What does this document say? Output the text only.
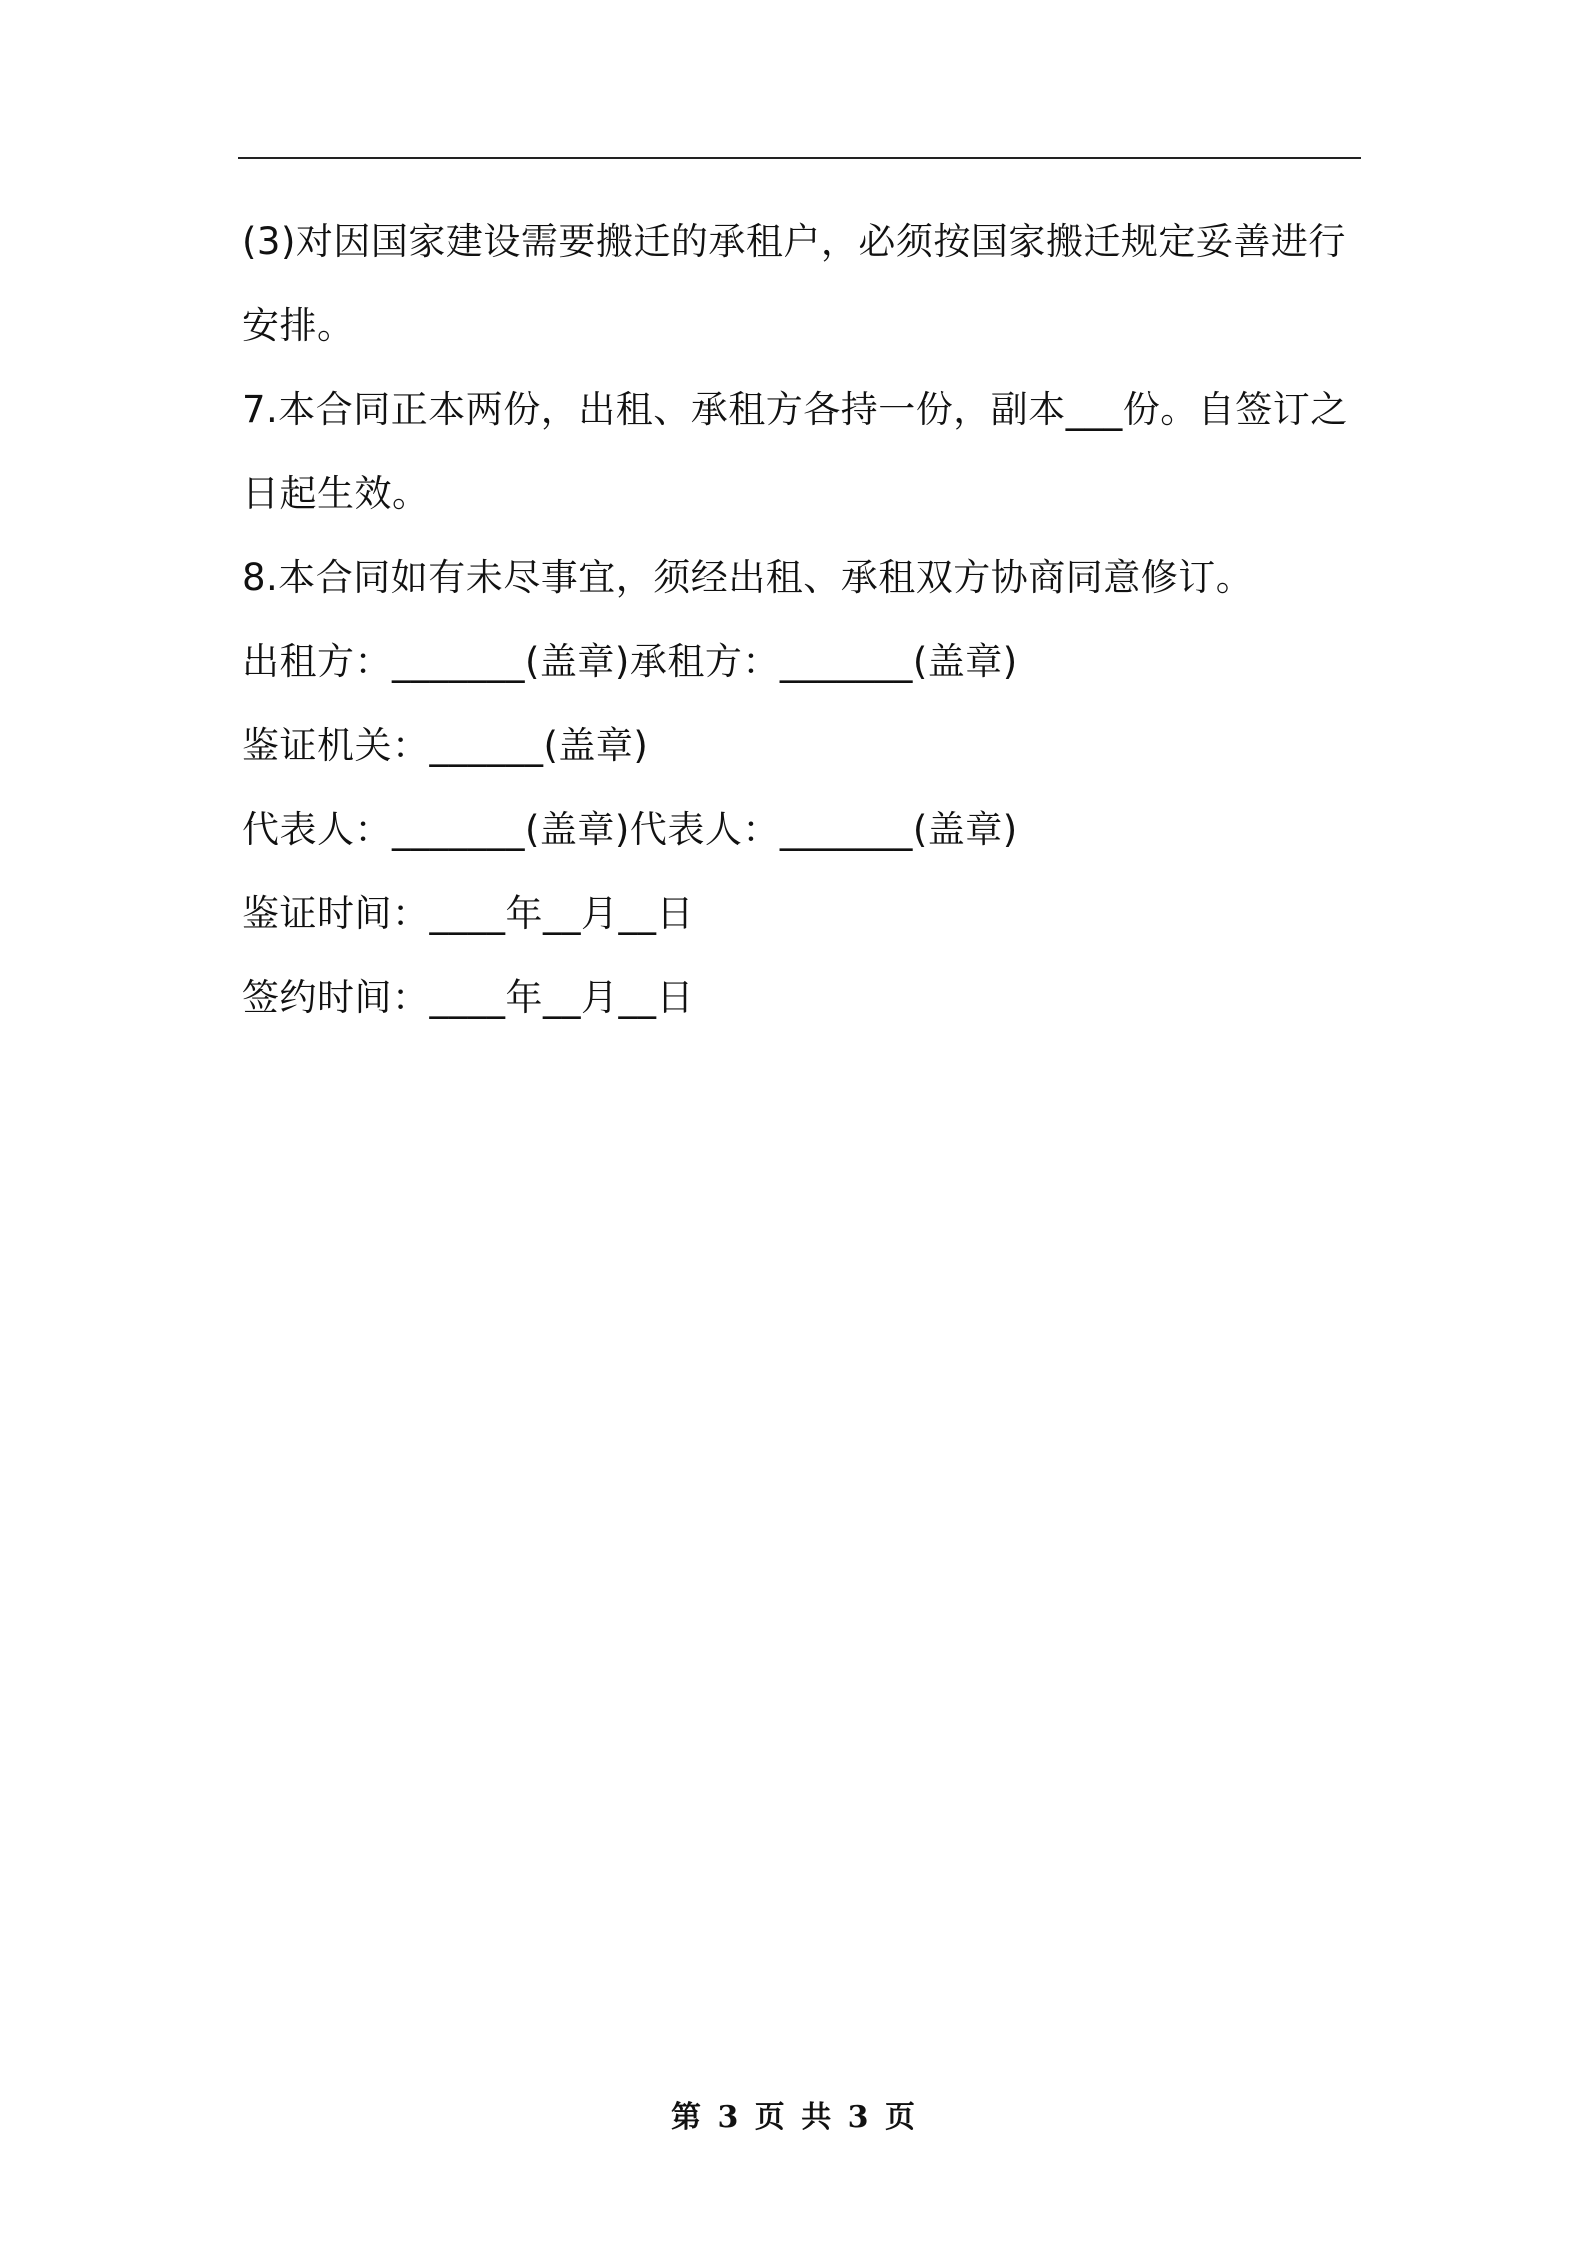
(3)对因国家建设需要搬迁的承租户，必须按国家搬迁规定妥善进行安排。

7.本合同正本两份，出租、承租方各持一份，副本___份。自签订之日起生效。

8.本合同如有未尽事宜，须经出租、承租双方协商同意修订。

出租方：_______(盖章)承租方：_______(盖章)

鉴证机关：______(盖章)

代表人：_______(盖章)代表人：_______(盖章)

鉴证时间：____年__月__日

签约时间：____年__月__日

第 3 页 共 3 页
